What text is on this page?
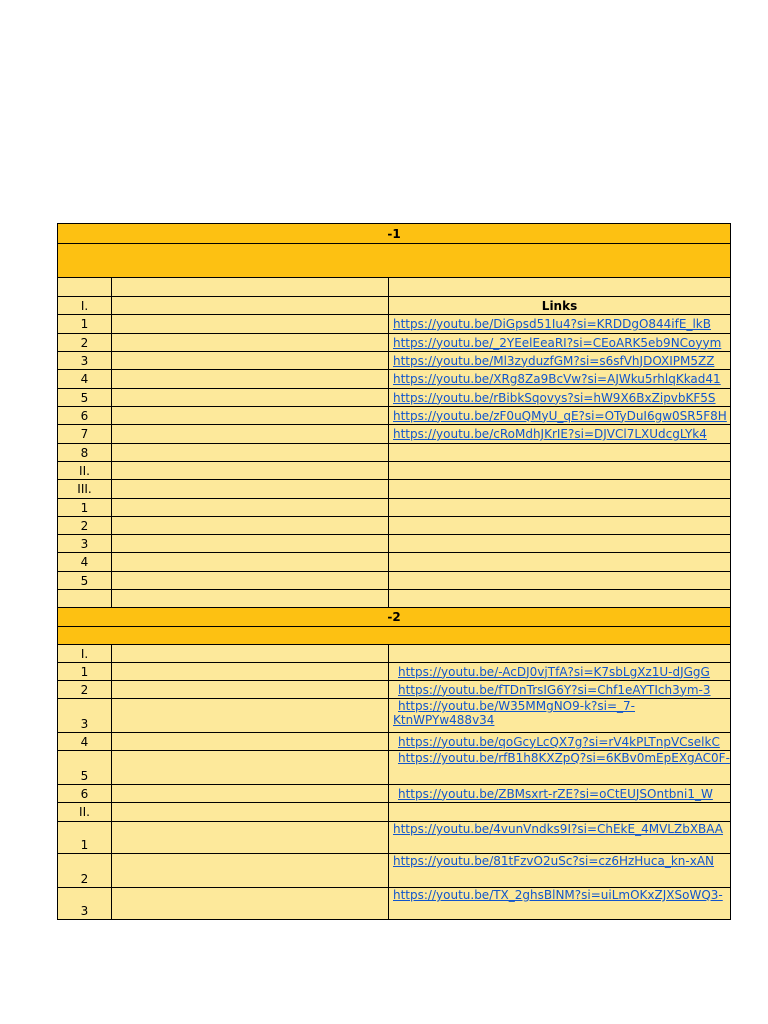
-1		

I.		Links
1		https://youtu.be/DiGpsd51Iu4?si=KRDDgO844ifE_lkB
2		https://youtu.be/_2YEelEeaRI?si=CEoARK5eb9NCoyym
3		https://youtu.be/Ml3zyduzfGM?si=s6sfVhJDOXIPM5ZZ
4		https://youtu.be/XRg8Za9BcVw?si=AJWku5rhlqKkad41
5		https://youtu.be/rBibkSqovys?si=hW9X6BxZipvbKF5S
6		https://youtu.be/zF0uQMyU_qE?si=OTyDuI6gw0SR5F8H
7		https://youtu.be/cRoMdhJKrIE?si=DJVCl7LXUdcgLYk4
8		
II.		
III.		
1		
2		
3		
4		
5		

-2		

I.		
1		https://youtu.be/-AcDJ0vjTfA?si=K7sbLgXz1U-dJGgG
2		https://youtu.be/fTDnTrsIG6Y?si=Chf1eAYTIch3ym-3
3		https://youtu.be/W35MMgNO9-k?si=_7-KtnWPYw488v34
4		https://youtu.be/qoGcyLcQX7g?si=rV4kPLTnpVCselkC
5		https://youtu.be/rfB1h8KXZpQ?si=6KBv0mEpEXgAC0F-
6		https://youtu.be/ZBMsxrt-rZE?si=oCtEUJSOntbni1_W
II.		
1		https://youtu.be/4vunVndks9I?si=ChEkE_4MVLZbXBAA
2		https://youtu.be/81tFzvO2uSc?si=cz6HzHuca_kn-xAN
3		https://youtu.be/TX_2ghsBlNM?si=uiLmOKxZJXSoWQ3-
